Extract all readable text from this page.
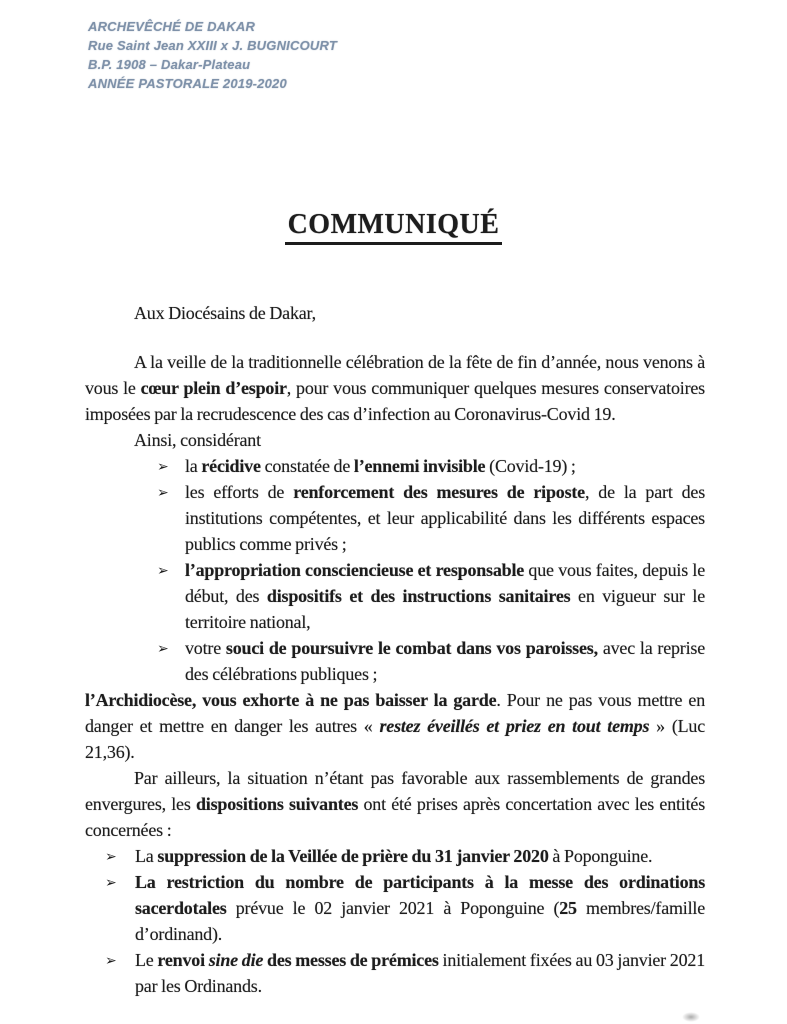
ARCHEVÊCHÉ DE DAKAR
Rue Saint Jean XXIII x J. BUGNICOURT
B.P. 1908 – Dakar-Plateau
ANNÉE PASTORALE 2019-2020
COMMUNIQUÉ
Aux Diocésains de Dakar,
A la veille de la traditionnelle célébration de la fête de fin d’année, nous venons à vous le cœur plein d’espoir, pour vous communiquer quelques mesures conservatoires imposées par la recrudescence des cas d’infection au Coronavirus-Covid 19.
Ainsi, considérant
➢ la récidive constatée de l’ennemi invisible (Covid-19) ;
➢ les efforts de renforcement des mesures de riposte, de la part des institutions compétentes, et leur applicabilité dans les différents espaces publics comme privés ;
➢ l’appropriation consciencieuse et responsable que vous faites, depuis le début, des dispositifs et des instructions sanitaires en vigueur sur le territoire national,
➢ votre souci de poursuivre le combat dans vos paroisses, avec la reprise des célébrations publiques ;
l’Archidiocèse, vous exhorte à ne pas baisser la garde. Pour ne pas vous mettre en danger et mettre en danger les autres « restez éveillés et priez en tout temps » (Luc 21,36).
Par ailleurs, la situation n’étant pas favorable aux rassemblements de grandes envergures, les dispositions suivantes ont été prises après concertation avec les entités concernées :
➢ La suppression de la Veillée de prière du 31 janvier 2020 à Poponguine.
➢ La restriction du nombre de participants à la messe des ordinations sacerdotales prévue le 02 janvier 2021 à Poponguine (25 membres/famille d’ordinand).
➢ Le renvoi sine die des messes de prémices initialement fixées au 03 janvier 2021 par les Ordinands.
